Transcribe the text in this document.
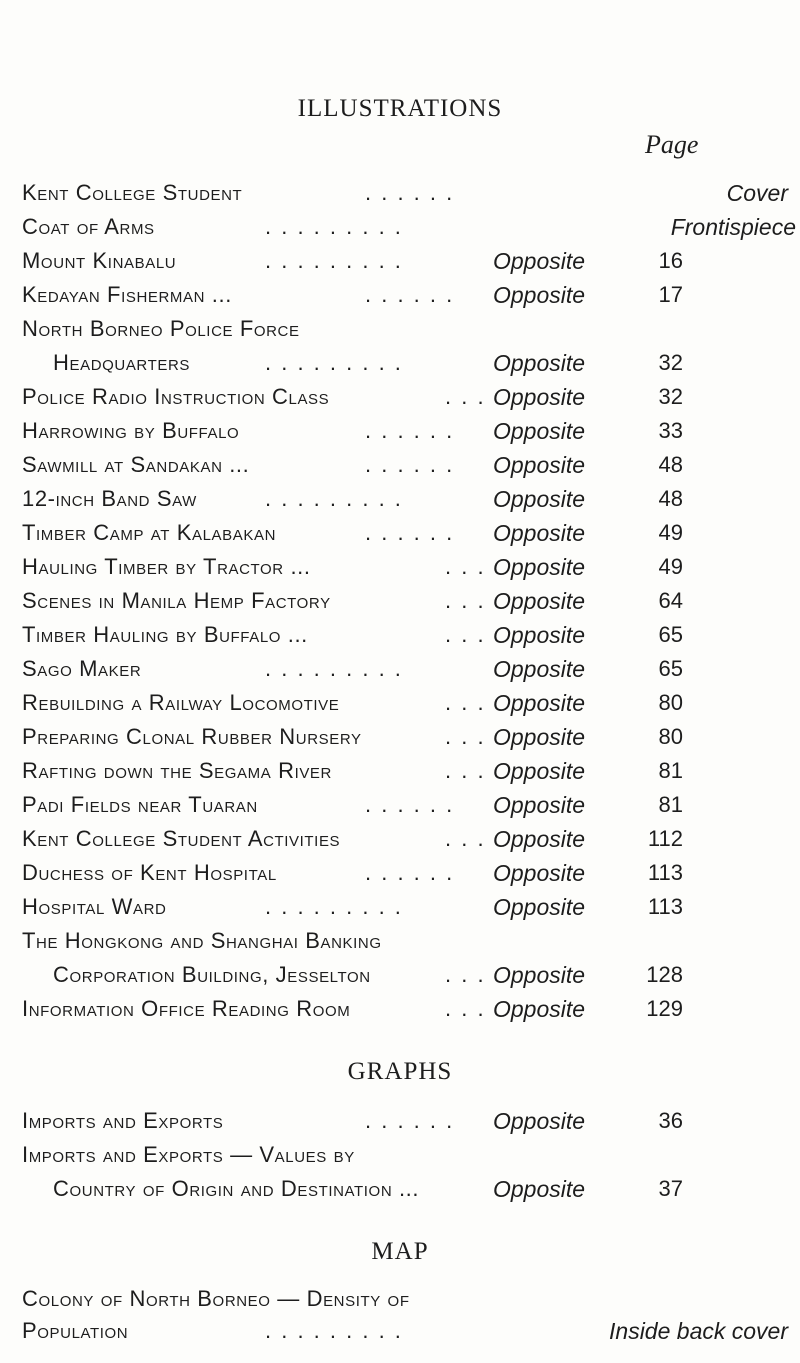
ILLUSTRATIONS
Page
Kent College Student	. . . . . .	Cover
Coat of Arms	. . . . . . . . .	Frontispiece
Mount Kinabalu	. . . . . . . . .	Opposite	16
Kedayan Fisherman ...	. . . . . . Opposite	17
North Borneo Police Force
Headquarters	. . . . . . . . .	Opposite	32
Police Radio Instruction Class	. . . Opposite	32
Harrowing by Buffalo	. . . . . . Opposite	33
Sawmill at Sandakan ...	. . . . . . Opposite	48
12-inch Band Saw	. . . . . . . . .	Opposite	48
Timber Camp at Kalabakan	. . . . . . Opposite	49
Hauling Timber by Tractor ...	. . . Opposite	49
Scenes in Manila Hemp Factory	. . . Opposite	64
Timber Hauling by Buffalo ...	. . . Opposite	65
Sago Maker	. . . . . . . . .	Opposite	65
Rebuilding a Railway Locomotive	. . . Opposite	80
Preparing Clonal Rubber Nursery	. . . Opposite	80
Rafting down the Segama River	. . . Opposite	81
Padi Fields near Tuaran	. . . . . . Opposite	81
Kent College Student Activities	. . . Opposite	112
Duchess of Kent Hospital	. . . . . . Opposite	113
Hospital Ward	. . . . . . . . .	Opposite	113
The Hongkong and Shanghai Banking
Corporation Building, Jesselton	. . . Opposite	128
Information Office Reading Room	. . . Opposite	129
GRAPHS
Imports and Exports	. . . . . . Opposite	36
Imports and Exports — Values by
Country of Origin and Destination ...	Opposite	37
MAP
Colony of North Borneo — Density of
Population	. . . . . . . . .	Inside back cover
